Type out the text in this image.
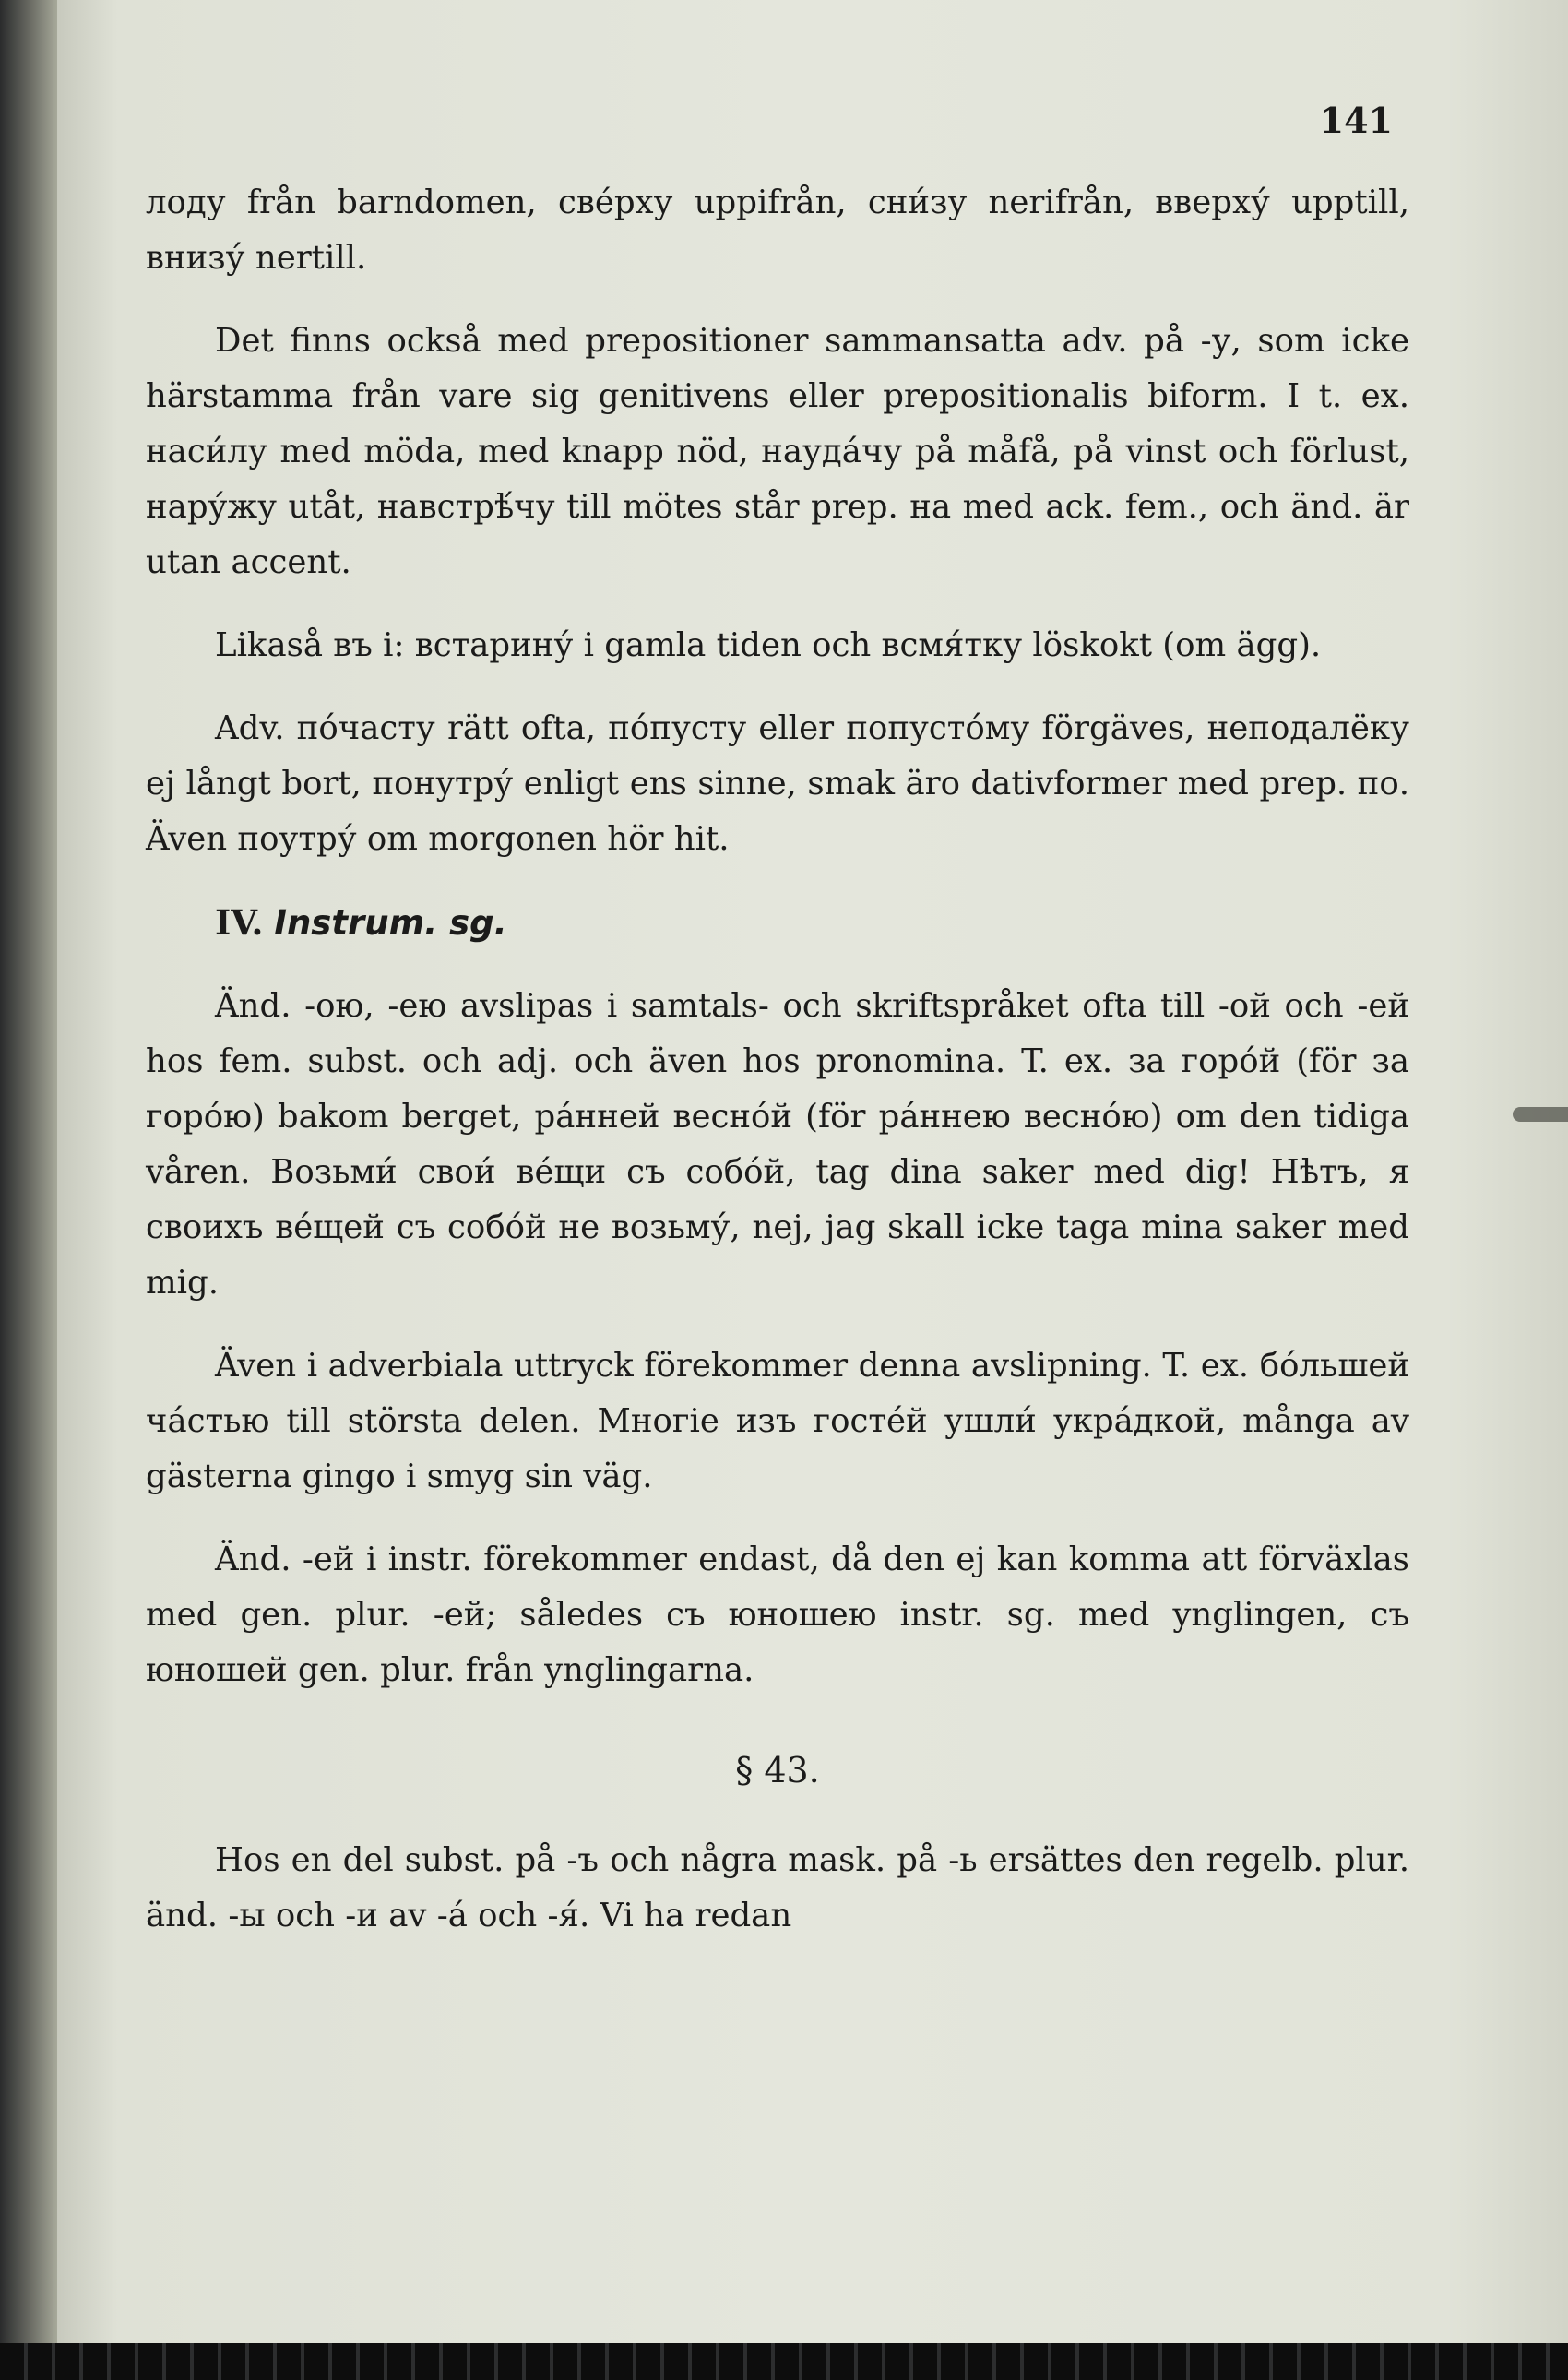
141

лоду från barndomen, свéрху uppifrån, сни́зу nerifrån, вверху́ upptill, внизу́ nertill.

Det finns också med prepositioner sammansatta adv. på -у, som icke härstamma från vare sig genitivens eller prepositionalis biform. I t. ex. наси́лу med möda, med knapp nöd, наудáчу på måfå, på vinst och förlust, нару́жу utåt, навстрѣ́чу till mötes står prep. на med ack. fem., och änd. är utan accent.

Likaså въ i: встарину́ i gamla tiden och всмя́тку löskokt (om ägg).

Adv. пóчасту rätt ofta, пóпусту eller попустóму förgäves, неподалёку ej långt bort, понутру́ enligt ens sinne, smak äro dativformer med prep. по. Även поутру́ om morgonen hör hit.

IV. Instrum. sg.

Änd. -ою, -ею avslipas i samtals- och skriftspråket ofta till -ой och -ей hos fem. subst. och adj. och även hos pronomina. T. ex. за горóй (för за горóю) bakom berget, рáнней веснóй (för рáннею веснóю) om den tidiga våren. Возьми́ свои́ вéщи съ собóй, tag dina saker med dig! Нѣтъ, я своихъ вéщей съ собóй не возьму́, nej, jag skall icke taga mina saker med mig.

Även i adverbiala uttryck förekommer denna avslipning. T. ex. бóльшей чáстью till största delen. Многiе изъ гостéй ушли́ укрáдкой, många av gästerna gingo i smyg sin väg.

Änd. -ей i instr. förekommer endast, då den ej kan komma att förväxlas med gen. plur. -ей; således съ юношею instr. sg. med ynglingen, съ юношей gen. plur. från ynglingarna.

§ 43.

Hos en del subst. på -ъ och några mask. på -ь ersättes den regelb. plur. änd. -ы och -и av -á och -я́. Vi ha redan
